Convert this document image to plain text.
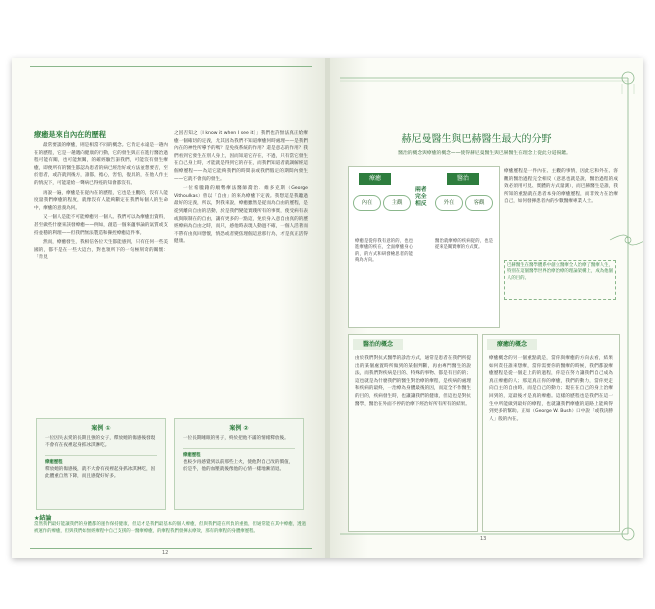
療癒是來自內在的歷程

最常要談的療癒，則是相當不同的概念。它肯定永遠是一趟內在的歷程，它是一趟邁向健康的行動，它的發生與正在進行醫治過程可能有關，也可能無關，的確經驗告訴我們，可能沒有發生療癒，即便所有的醫生都認為患者的病已經治好或方法並想要否，至於患者，或許就到後方，誰都，擔心，害怕，復具的，在他人作主的情況下，可能還給一聲病已得痊的知會都沒有。

再說一遍，療癒是在從內在的歷程，它也是主觀的，沒有人能度量我們療癒的程度，就像沒有人能夠斷定在我們每個人的生命中，療癒的意義為何。

又一個人是能不可能療癒另一個人。我們可以為療癒出資料，甚至做些什麼來該發療癒——例如，創造一個來蘊事論的氣質或支持並穩的利理——但我們無法製造和操控療癒這件事。

然而，療癒發生，我相信各位天生都能感到，只有任何一些美國的，都不是在一些大這台，對也領所下的一句極刻奇的關懷：「肯見

之因否知之〔I know it when I see it〕」我們也許無法真正給療癒一個確切的定義，尤其因為我們不知道療癒何時處理——是我們內在的神性所導予的嗎？是免疫系統的作用？還是意志的作用？我們看到它發生在別人身上，因而知道它存在，不過，只有當它發生在自己身上時，才能就是得到它的存在，而我們知道者就調解經這個療歷程——為這它能夠我們的時間表或我們假定的期間內發生——它就不會真的發生。

一位希臘籍的順勢療法醫師喬治．維多克斯（George Vithoulkas）曾以「自由」的來為療癒下定義。我想這是我聽過最好的定義，所以，對我來說，療癒雖然是從而為自由的歷程，是從到離向自由的活動，於是我們變能實踐所有的事實，使受病有表或與限制在的自由，讓有更多的一點這，免於身入意自由真的的歷經療病為自由之時，而只，感他時表現人動過不確，一個人活著而不帶有由真回想懷，情恐或者變焦理個這意那行為，才是真正活得健康。

案例 ①
一位因失去愛的長期且強的女子，釋放她的傷感後發現不會有在夜裡起身抓冰淇淋吃。
療癒歷程
釋放她的傷感後，就不大會有夜裡起身抓冰淇淋吃，因此體重自然下降，而且感覺好好多。
案例 ②
一位長期睡眠的男子，終於把他不滿的情緒釋放後。
療癒歷程
也較少再感覺到以前那些上火，使他對自己改的價值，於是乎，他的血壓就後像他的心情一樣地漸消退。
★結論
當然我們最好能讓我們的身體都的運作保持健康，但這才是我們最基本的個人療癒，但與我們還在所負的重擔，但通常能在其中療癒，透過被運作的療癒，但與我們如無經療程中自己支援的一醫療療癒，的療程我們發揮去療效，那有的療程的身體療歷程。
12
赫尼曼醫生與巴赫醫生最大的分野
醫治的概念與療癒的概念——使得赫尼曼醫生與巴赫醫生在理念上從此分道揚鑣。
療癒	醫治
內在	主觀
兩者完全相反	外在	客觀
療癒是從你我有意的的，也也進療癒的疾在，全面療癒身心的，的方式和研發檢思者的能夠為方向。
醫治就療療的疾病從的，也是從來是關實療的方式實。
療癒歷程是一件內在、主觀的事情，因此它和外在、客觀的醫治過程完全相反（意思也就是說，醫治過程的成效必須用可見、實體的方式量測），而巴赫醫生是誰，我所知的重點就在患者本身的療癒歷程，而非致力在治療自己，如何發揮患者內的少數醫療專業人士。
巴赫醫生在醫學體系中創立醫療全人治療了醫療人生，特別在這個醫學世界治療治療的理論架構上，成為他個人的目的。
醫治的概念
由於我們對抗式醫學的診治方式，通常是患者在我們所提出的某個處置時所做到的某個判斷，再由專門醫生的說法，而我們對疾病是目的、特殊的事物、都是有目的的；這也就是為什麼我們的醫生對治療的療程，是疾病的處理和疾病的最終，一治療為身體最後的因，而這全不作醫生的目的，疾病發生時，也讓讓我們的健康，但這也是對抗醫學，醫治在外面不停的治療下經治好所有所有的結果。
療癒的概念
療癒概念的另一個重點就是，當你與療癒的方向去看，結果如何責任誰來想療，當你需要你的醫療的時候，我們都說療癒歷程是從一個走上的的過程，你是在努力讓我們自己成為真正療癒的人；那這真正你的療癒，我們的動力，當你更走向自主的自由時，而是自己的動力；現在在自己的身上治療回到的，這最後才是真的療癒。這樣的歷程也是我們在這一生中所能做到最好的療程，也就讓我們療癒的道路上能夠得到更多的幫助。正如（George W. Bush）口中說「或我決勝人」般的內在。
13
